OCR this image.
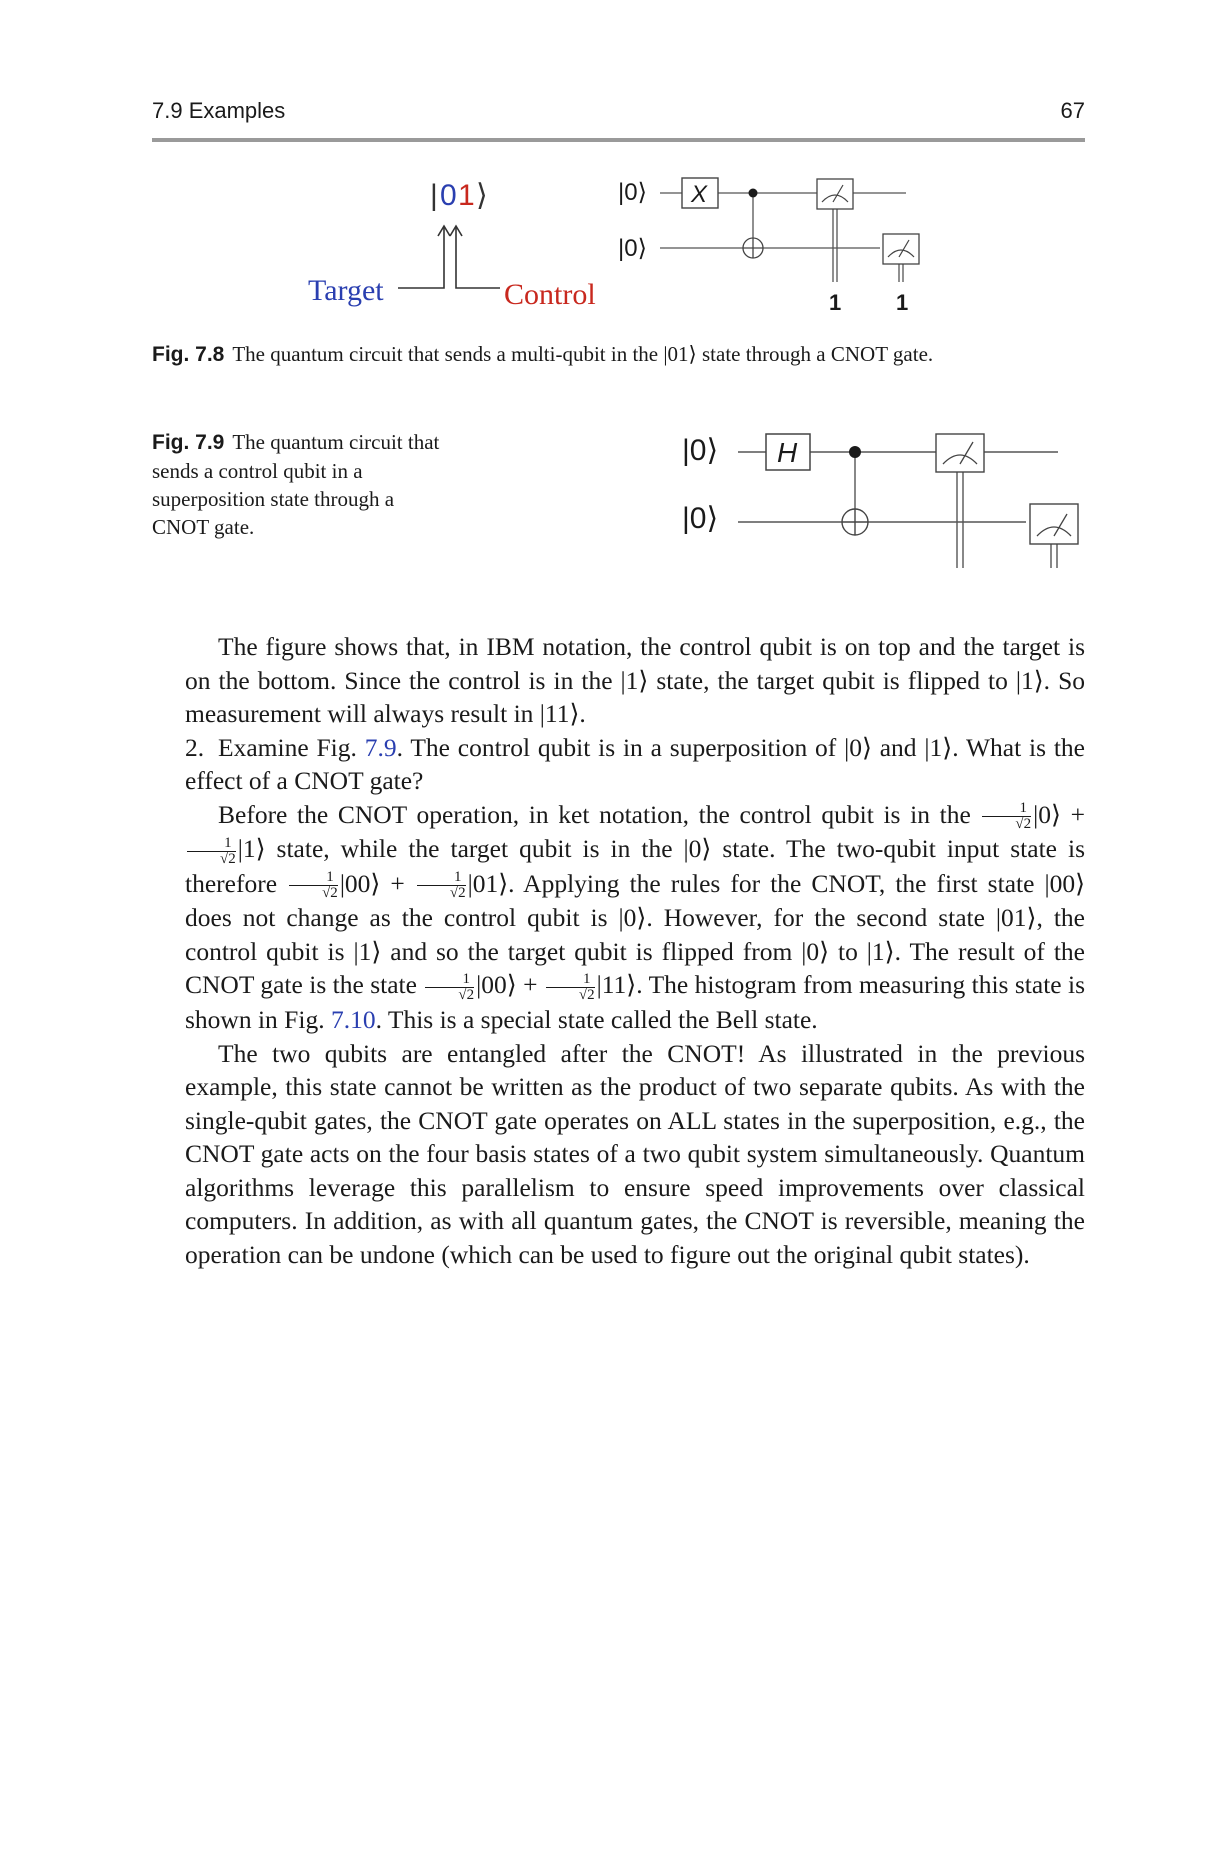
7.9 Examples	67
| 0 1 ⟩
Target	Control
|0⟩
|0⟩
X
1 1
Fig. 7.8 The quantum circuit that sends a multi-qubit in the |01⟩ state through a CNOT gate.
Fig. 7.9 The quantum circuit that sends a control qubit in a superposition state through a CNOT gate.
|0⟩
|0⟩
H

The figure shows that, in IBM notation, the control qubit is on top and the target is on the bottom. Since the control is in the |1⟩ state, the target qubit is flipped to |1⟩. So measurement will always result in |11⟩.

2. Examine Fig. 7.9. The control qubit is in a superposition of |0⟩ and |1⟩. What is the effect of a CNOT gate?

Before the CNOT operation, in ket notation, the control qubit is in the $\frac{1}{√2}$ |0⟩ +
$\frac{1}{√2}$ |1⟩ state, while the target qubit is in the |0⟩ state. The two-qubit input state is therefore $\frac{1}{√2}$ |00⟩ + $\frac{1}{√2}$ |01⟩. Applying the rules for the CNOT, the first state |00⟩ does not change as the control qubit is |0⟩. However, for the second state |01⟩, the control qubit is |1⟩ and so the target qubit is flipped from |0⟩ to |1⟩. The result of the CNOT gate is the state $\frac{1}{√2}$ |00⟩ + $\frac{1}{√2}$ |11⟩. The histogram from measuring this state is shown in Fig. 7.10. This is a special state called the Bell state.

The two qubits are entangled after the CNOT! As illustrated in the previous example, this state cannot be written as the product of two separate qubits. As with the single-qubit gates, the CNOT gate operates on ALL states in the superposition, e.g., the CNOT gate acts on the four basis states of a two qubit system simultaneously. Quantum algorithms leverage this parallelism to ensure speed improvements over classical computers. In addition, as with all quantum gates, the CNOT is reversible, meaning the operation can be undone (which can be used to figure out the original qubit states).
